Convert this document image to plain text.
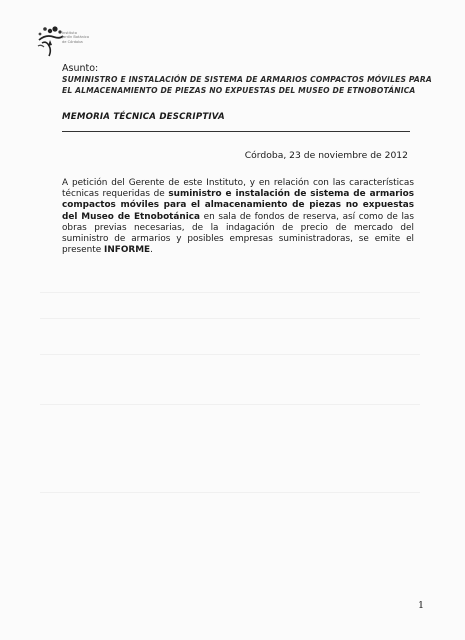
Instituto
Jardín Botánico
de Córdoba
Asunto:
SUMINISTRO E INSTALACIÓN DE SISTEMA DE ARMARIOS COMPACTOS MÓVILES PARA EL ALMACENAMIENTO DE PIEZAS NO EXPUESTAS DEL MUSEO DE ETNOBOTÁNICA
MEMORIA TÉCNICA DESCRIPTIVA
Córdoba, 23 de noviembre de 2012
A petición del Gerente de este Instituto, y en relación con las características técnicas requeridas de suministro e instalación de sistema de armarios compactos móviles para el almacenamiento de piezas no expuestas del Museo de Etnobotánica en sala de fondos de reserva, así como de las obras previas necesarias, de la indagación de precio de mercado del suministro de armarios y posibles empresas suministradoras, se emite el presente INFORME.
1
